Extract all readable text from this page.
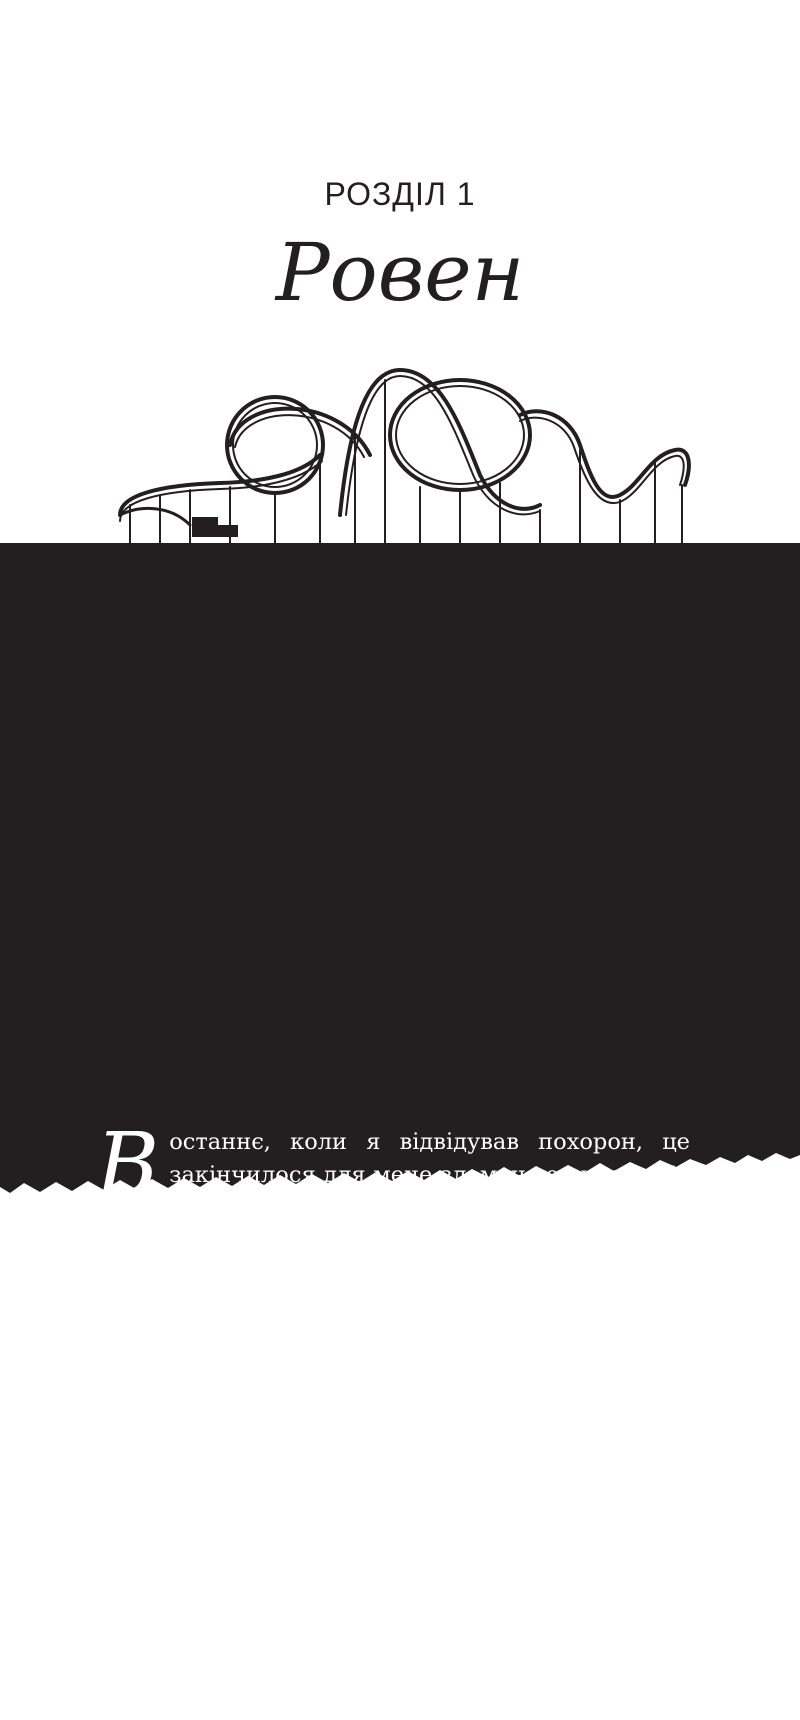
РОЗДІЛ 1
Ровен

Востаннє, коли я відвідував похорон, це закінчилося для мене зламаною рукою. Ця історія потрапила на перші шпальти газет, бо я кинувся у відкриту могилу своєї матері. Відтоді минуло понад двадцять років, і хоч я цілковито змінився як особистість, моя огида до скорботи нікуди не зникла. Оскільки я наймолодший онук покійного дідуся, то від мене очікують стояння струнко й непорушно під час тризни. Однак це майже неможливо, бо моя шкіра свербить так, наче мене запхнули в дешевий поліестеровий костюм.

Сотні співробітників і ділових партнерів Кейна висловлюють своє співчуття, і моє терпіння маліє з кожною годиною. Я терпіти не можу похорони, але більше за них ненавиджу розмови з людьми. Є лише кілька людей, яких я здатен виносити, і мій дідусь був одним із них.
